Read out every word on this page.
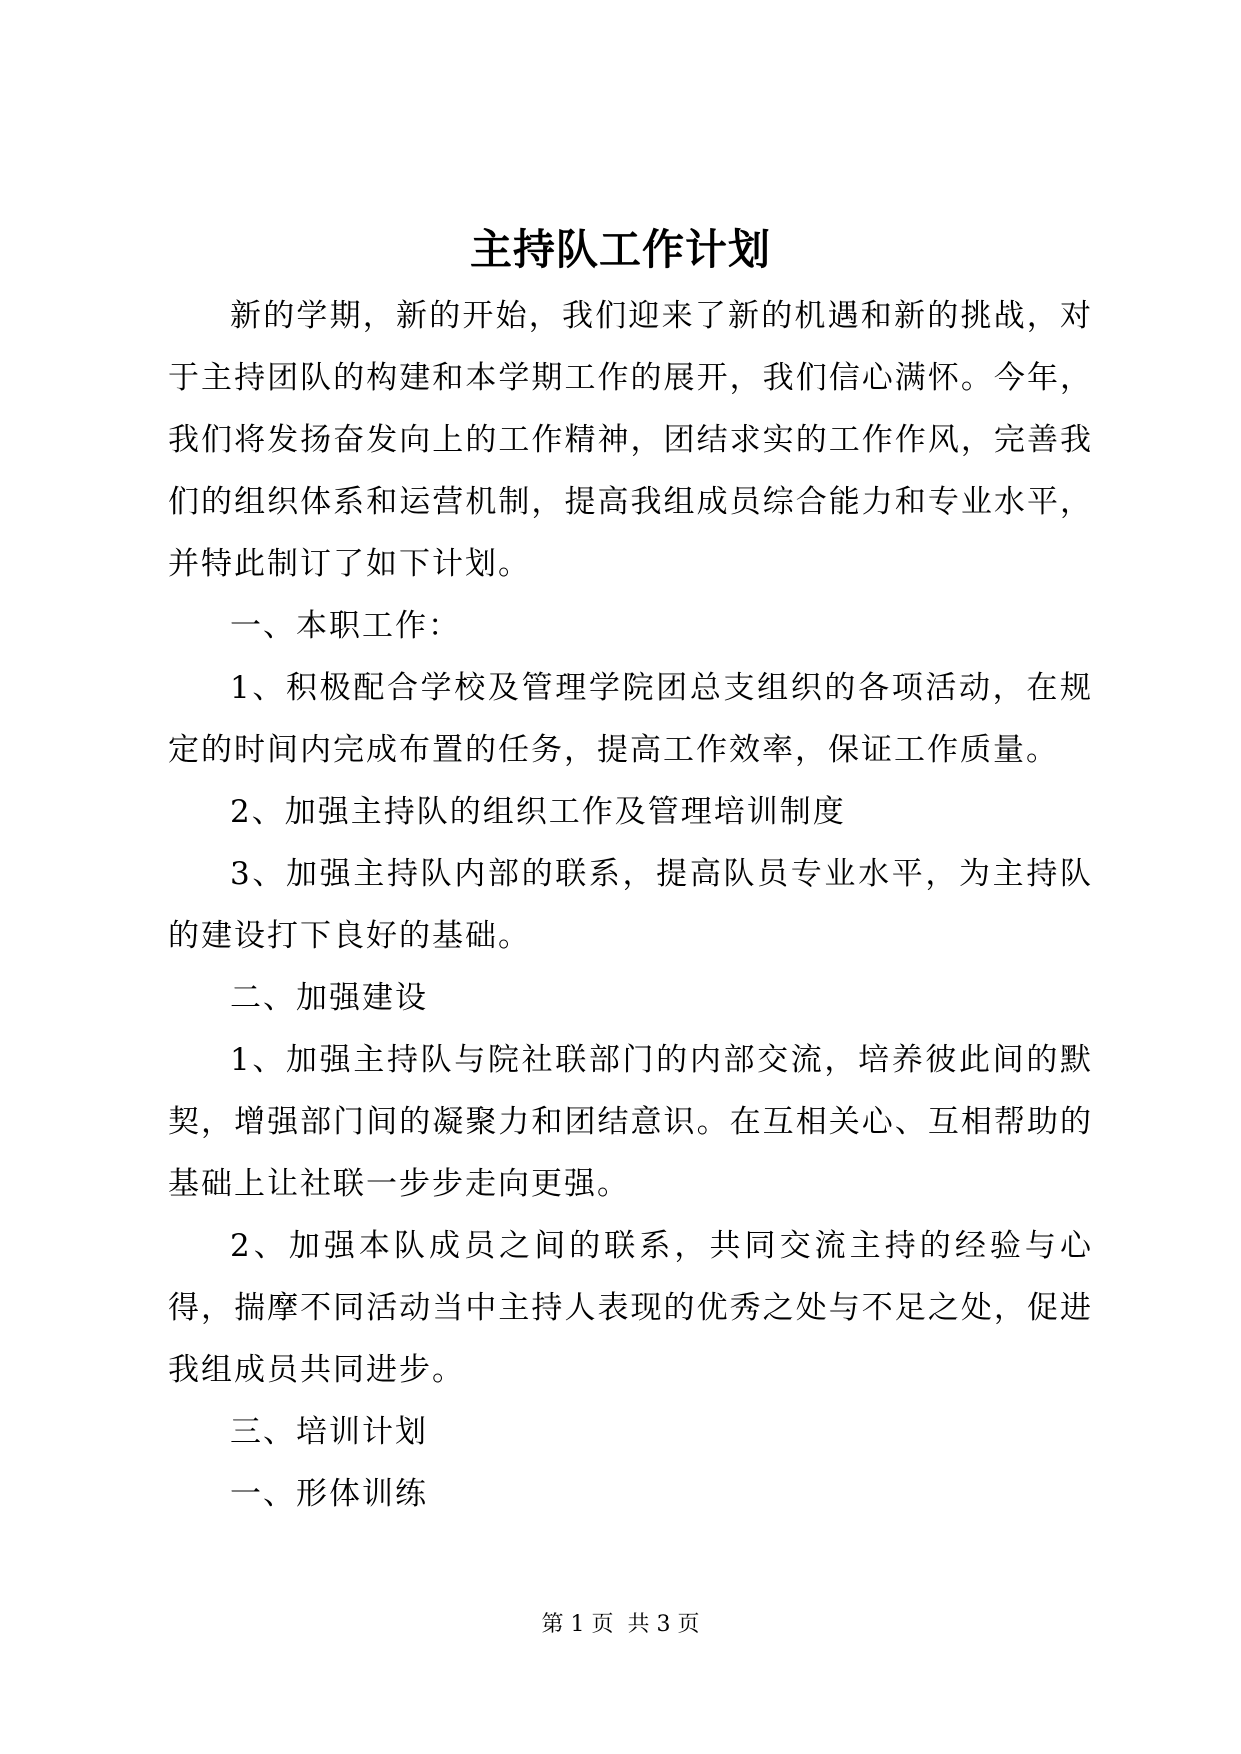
主持队工作计划

新的学期，新的开始，我们迎来了新的机遇和新的挑战，对于主持团队的构建和本学期工作的展开，我们信心满怀。今年，我们将发扬奋发向上的工作精神，团结求实的工作作风，完善我们的组织体系和运营机制，提高我组成员综合能力和专业水平，并特此制订了如下计划。

一、本职工作：

1、积极配合学校及管理学院团总支组织的各项活动，在规定的时间内完成布置的任务，提高工作效率，保证工作质量。

2、加强主持队的组织工作及管理培训制度

3、加强主持队内部的联系，提高队员专业水平，为主持队的建设打下良好的基础。

二、加强建设

1、加强主持队与院社联部门的内部交流，培养彼此间的默契，增强部门间的凝聚力和团结意识。在互相关心、互相帮助的基础上让社联一步步走向更强。

2、加强本队成员之间的联系，共同交流主持的经验与心得，揣摩不同活动当中主持人表现的优秀之处与不足之处，促进我组成员共同进步。

三、培训计划

一、形体训练

第 1 页  共 3 页
